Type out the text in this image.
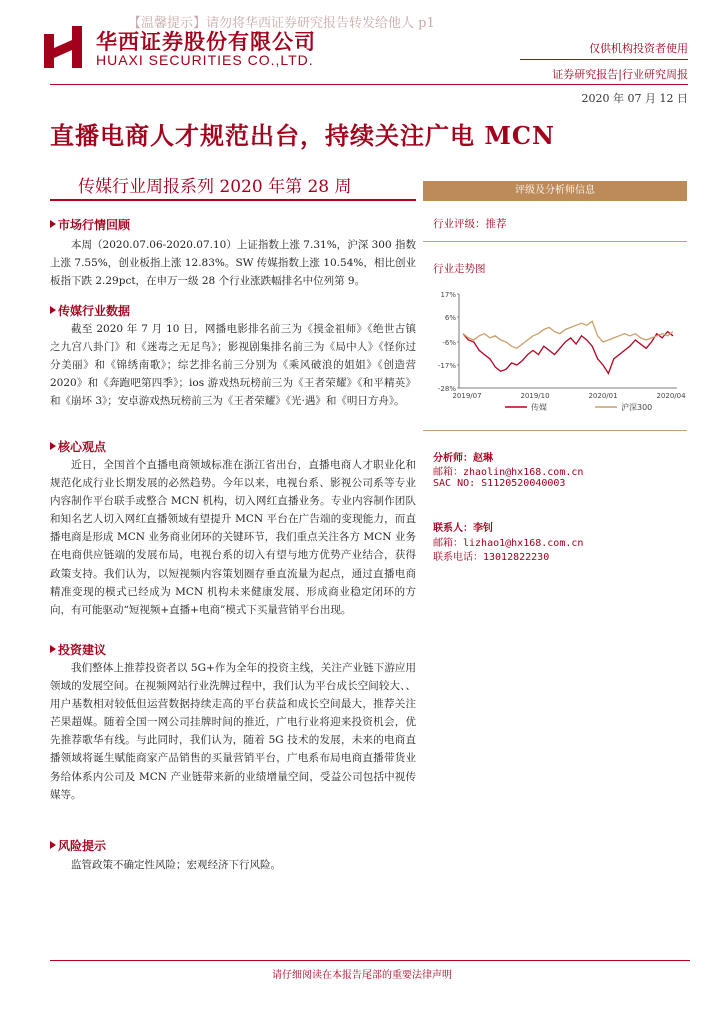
【温馨提示】请勿将华西证券研究报告转发给他人 p1
华西证券股份有限公司
HUAXI SECURITIES CO.,LTD.
仅供机构投资者使用
证券研究报告|行业研究周报
2020 年 07 月 12 日
直播电商人才规范出台，持续关注广电 MCN
传媒行业周报系列 2020 年第 28 周
市场行情回顾

本周（2020.07.06-2020.07.10）上证指数上涨 7.31%，沪深 300 指数上涨 7.55%，创业板指上涨 12.83%。SW 传媒指数上涨 10.54%，相比创业板指下跌 2.29pct，在申万一级 28 个行业涨跌幅排名中位列第 9。

传媒行业数据

截至 2020 年 7 月 10 日，网播电影排名前三为《摸金祖师》《绝世古镇之九宫八卦门》和《迷毒之无足鸟》；影视剧集排名前三为《局中人》《怪你过分美丽》和《锦绣南歌》；综艺排名前三分别为《乘风破浪的姐姐》《创造营 2020》和《奔跑吧第四季》；ios 游戏热玩榜前三为《王者荣耀》《和平精英》和《崩坏 3》；安卓游戏热玩榜前三为《王者荣耀》《光·遇》和《明日方舟》。

核心观点

近日，全国首个直播电商领域标准在浙江省出台，直播电商人才职业化和规范化成行业长期发展的必然趋势。今年以来，电视台系、影视公司系等专业内容制作平台联手或整合 MCN 机构，切入网红直播业务。专业内容制作团队和知名艺人切入网红直播领域有望提升 MCN 平台在广告端的变现能力，而直播电商是形成 MCN 业务商业闭环的关键环节，我们重点关注各方 MCN 业务在电商供应链端的发展布局，电视台系的切入有望与地方优势产业结合，获得政策支持。我们认为，以短视频内容策划圈存垂直流量为起点，通过直播电商精准变现的模式已经成为 MCN 机构未来健康发展、形成商业稳定闭环的方向，有可能驱动“短视频+直播+电商”模式下买量营销平台出现。

投资建议

我们整体上推荐投资者以 5G+作为全年的投资主线，关注产业链下游应用领域的发展空间。在视频网站行业洗牌过程中，我们认为平台成长空间较大、、用户基数相对较低但运营数据持续走高的平台获益和成长空间最大，推荐关注芒果超媒。随着全国一网公司挂牌时间的推近，广电行业将迎来投资机会，优先推荐歌华有线。与此同时，我们认为，随着 5G 技术的发展，未来的电商直播领域将诞生赋能商家产品销售的买量营销平台，广电系布局电商直播带货业务给体系内公司及 MCN 产业链带来新的业绩增量空间，受益公司包括中视传媒等。

风险提示

监管政策不确定性风险；宏观经济下行风险。

评级及分析师信息
行业评级：推荐
行业走势图
17%
6%
-6%
-17%
-28%
2019/07	2019/10	2020/01	2020/04
传媒	沪深300
分析师：赵琳
邮箱：zhaolin@hx168.com.cn
SAC NO: S1120520040003
联系人：李钊
邮箱：lizhao1@hx168.com.cn
联系电话：13012822230
请仔细阅读在本报告尾部的重要法律声明
